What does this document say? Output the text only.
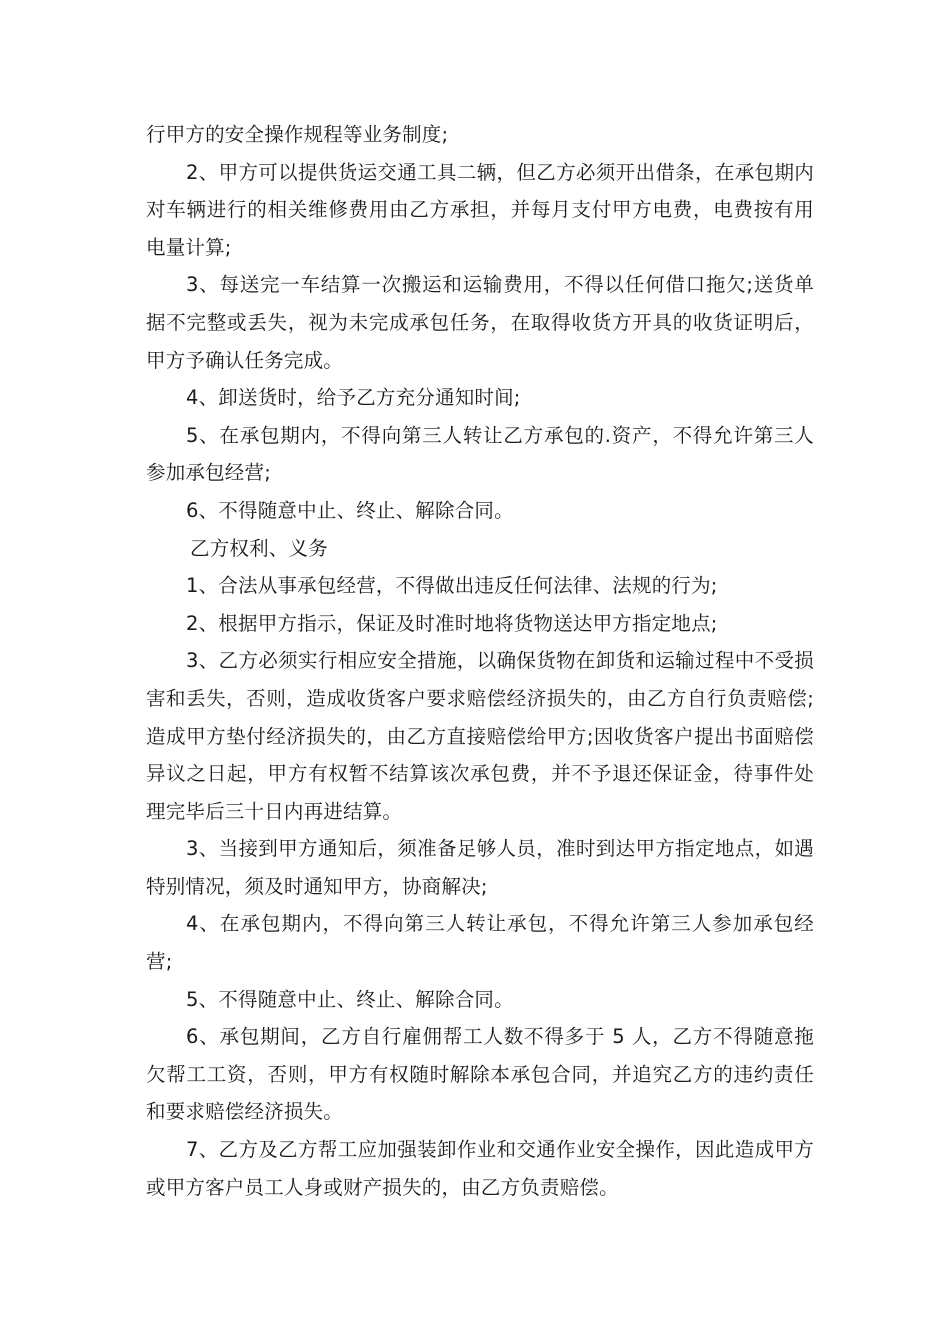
行甲方的安全操作规程等业务制度;

2、甲方可以提供货运交通工具二辆，但乙方必须开出借条，在承包期内对车辆进行的相关维修费用由乙方承担，并每月支付甲方电费，电费按有用电量计算;

3、每送完一车结算一次搬运和运输费用，不得以任何借口拖欠;送货单据不完整或丢失，视为未完成承包任务，在取得收货方开具的收货证明后，甲方予确认任务完成。

4、卸送货时，给予乙方充分通知时间;

5、在承包期内，不得向第三人转让乙方承包的.资产，不得允许第三人参加承包经营;

6、不得随意中止、终止、解除合同。

乙方权利、义务

1、合法从事承包经营，不得做出违反任何法律、法规的行为;

2、根据甲方指示，保证及时准时地将货物送达甲方指定地点;

3、乙方必须实行相应安全措施，以确保货物在卸货和运输过程中不受损害和丢失，否则，造成收货客户要求赔偿经济损失的，由乙方自行负责赔偿;造成甲方垫付经济损失的，由乙方直接赔偿给甲方;因收货客户提出书面赔偿异议之日起，甲方有权暂不结算该次承包费，并不予退还保证金，待事件处理完毕后三十日内再进结算。

3、当接到甲方通知后，须准备足够人员，准时到达甲方指定地点，如遇特别情况，须及时通知甲方，协商解决;

4、在承包期内，不得向第三人转让承包，不得允许第三人参加承包经营;

5、不得随意中止、终止、解除合同。

6、承包期间，乙方自行雇佣帮工人数不得多于 5 人，乙方不得随意拖欠帮工工资，否则，甲方有权随时解除本承包合同，并追究乙方的违约责任和要求赔偿经济损失。

7、乙方及乙方帮工应加强装卸作业和交通作业安全操作，因此造成甲方或甲方客户员工人身或财产损失的，由乙方负责赔偿。
